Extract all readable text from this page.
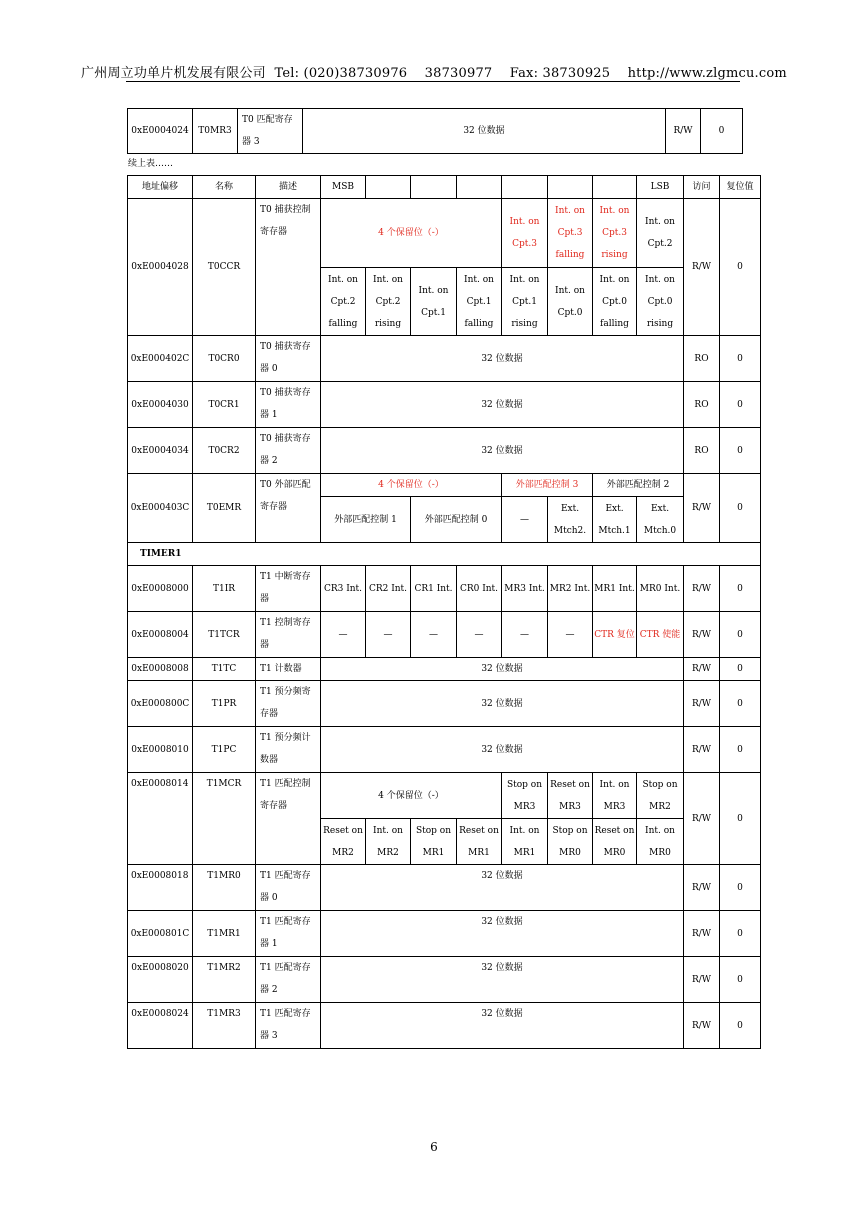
广州周立功单片机发展有限公司 Tel: (020)38730976 38730977 Fax: 38730925 http://www.zlgmcu.com
0xE0004024	T0MR3	T0 匹配寄存器 3	32 位数据	R/W	0
续上表……
地址偏移	名称	描述	MSB							LSB	访问	复位值
0xE0004028	T0CCR	T0 捕获控制寄存器	4 个保留位（-）				Int. on Cpt.3	Int. on Cpt.3 falling	Int. on Cpt.3 rising	Int. on Cpt.2	R/W	0
			Int. on Cpt.2 falling	Int. on Cpt.2 rising	Int. on Cpt.1	Int. on Cpt.1 falling	Int. on Cpt.1 rising	Int. on Cpt.0	Int. on Cpt.0 falling	Int. on Cpt.0 rising		
0xE000402C	T0CR0	T0 捕获寄存器 0	32 位数据								RO	0
0xE0004030	T0CR1	T0 捕获寄存器 1	32 位数据								RO	0
0xE0004034	T0CR2	T0 捕获寄存器 2	32 位数据								RO	0
0xE000403C	T0EMR	T0 外部匹配寄存器	4 个保留位（-）				外部匹配控制 3		外部匹配控制 2		R/W	0
			外部匹配控制 1		外部匹配控制 0		—	Ext. Mtch2.	Ext. Mtch.1	Ext. Mtch.0		
TIMER1												
0xE0008000	T1IR	T1 中断寄存器	CR3 Int.	CR2 Int.	CR1 Int.	CR0 Int.	MR3 Int.	MR2 Int.	MR1 Int.	MR0 Int.	R/W	0
0xE0008004	T1TCR	T1 控制寄存器	—	—	—	—	—	—	CTR 复位	CTR 使能	R/W	0
0xE0008008	T1TC	T1 计数器	32 位数据								R/W	0
0xE000800C	T1PR	T1 预分频寄存器	32 位数据								R/W	0
0xE0008010	T1PC	T1 预分频计数器	32 位数据								R/W	0
0xE0008014	T1MCR	T1 匹配控制寄存器	4 个保留位（-）				Stop on MR3	Reset on MR3	Int. on MR3	Stop on MR2	R/W	0
			Reset on MR2	Int. on MR2	Stop on MR1	Reset on MR1	Int. on MR1	Stop on MR0	Reset on MR0	Int. on MR0		
0xE0008018	T1MR0	T1 匹配寄存器 0	32 位数据								R/W	0
0xE000801C	T1MR1	T1 匹配寄存器 1	32 位数据								R/W	0
0xE0008020	T1MR2	T1 匹配寄存器 2	32 位数据								R/W	0
0xE0008024	T1MR3	T1 匹配寄存器 3	32 位数据								R/W	0
6
